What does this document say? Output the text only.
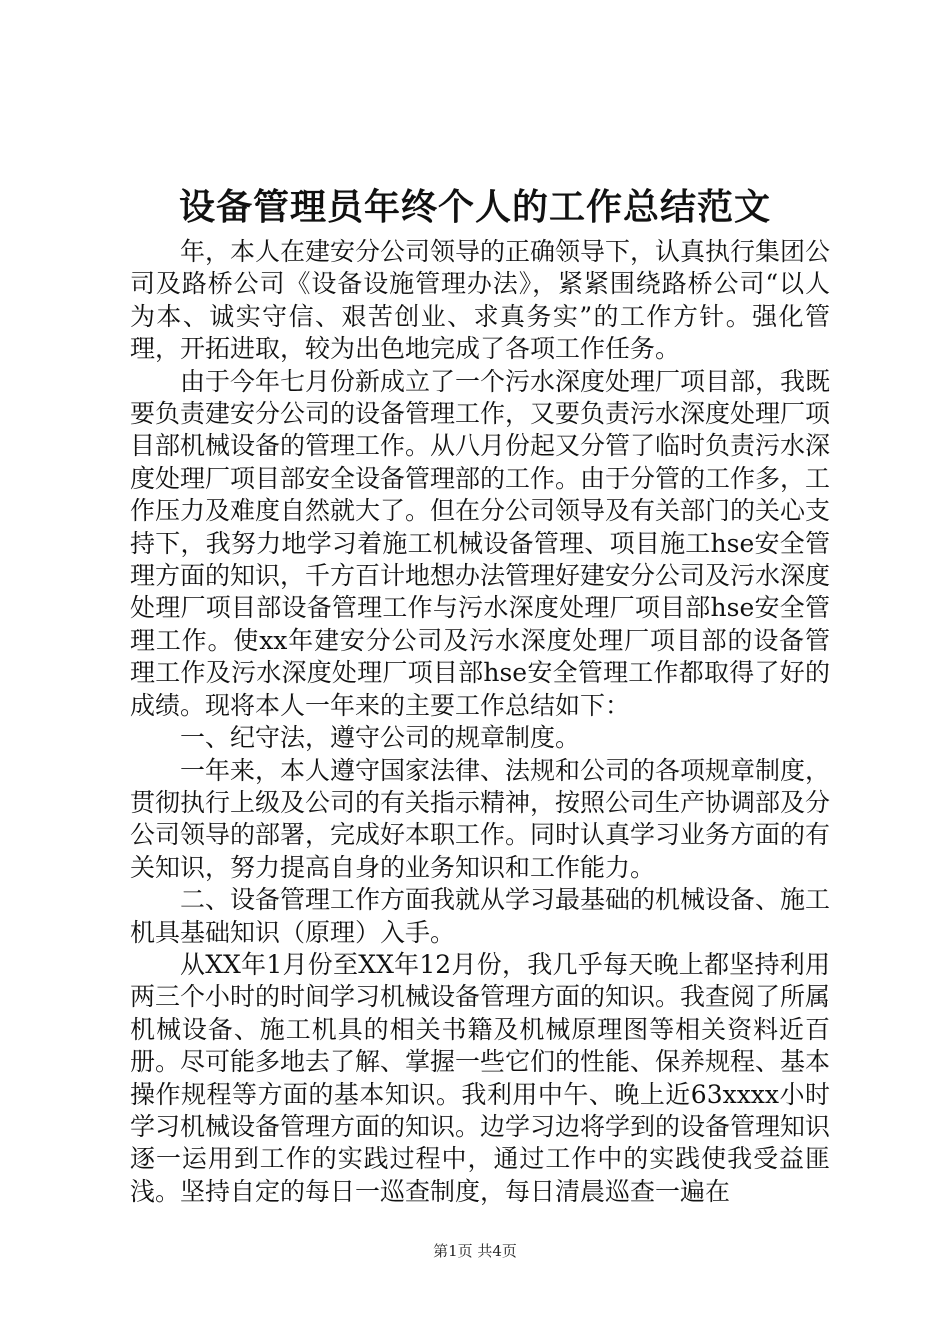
设备管理员年终个人的工作总结范文

年，本人在建安分公司领导的正确领导下，认真执行集团公司及路桥公司《设备设施管理办法》，紧紧围绕路桥公司“以人为本、诚实守信、艰苦创业、求真务实”的工作方针。强化管理，开拓进取，较为出色地完成了各项工作任务。

由于今年七月份新成立了一个污水深度处理厂项目部，我既要负责建安分公司的设备管理工作，又要负责污水深度处理厂项目部机械设备的管理工作。从八月份起又分管了临时负责污水深度处理厂项目部安全设备管理部的工作。由于分管的工作多，工作压力及难度自然就大了。但在分公司领导及有关部门的关心支持下，我努力地学习着施工机械设备管理、项目施工hse安全管理方面的知识，千方百计地想办法管理好建安分公司及污水深度处理厂项目部设备管理工作与污水深度处理厂项目部hse安全管理工作。使xx年建安分公司及污水深度处理厂项目部的设备管理工作及污水深度处理厂项目部hse安全管理工作都取得了好的成绩。现将本人一年来的主要工作总结如下：

一、纪守法，遵守公司的规章制度。

一年来，本人遵守国家法律、法规和公司的各项规章制度，贯彻执行上级及公司的有关指示精神，按照公司生产协调部及分公司领导的部署，完成好本职工作。同时认真学习业务方面的有关知识，努力提高自身的业务知识和工作能力。

二、设备管理工作方面我就从学习最基础的机械设备、施工机具基础知识（原理）入手。

从XX年1月份至XX年12月份，我几乎每天晚上都坚持利用两三个小时的时间学习机械设备管理方面的知识。我查阅了所属机械设备、施工机具的相关书籍及机械原理图等相关资料近百册。尽可能多地去了解、掌握一些它们的性能、保养规程、基本操作规程等方面的基本知识。我利用中午、晚上近63xxxx小时学习机械设备管理方面的知识。边学习边将学到的设备管理知识逐一运用到工作的实践过程中，通过工作中的实践使我受益匪浅。坚持自定的每日一巡查制度，每日清晨巡查一遍在

第1页 共4页
